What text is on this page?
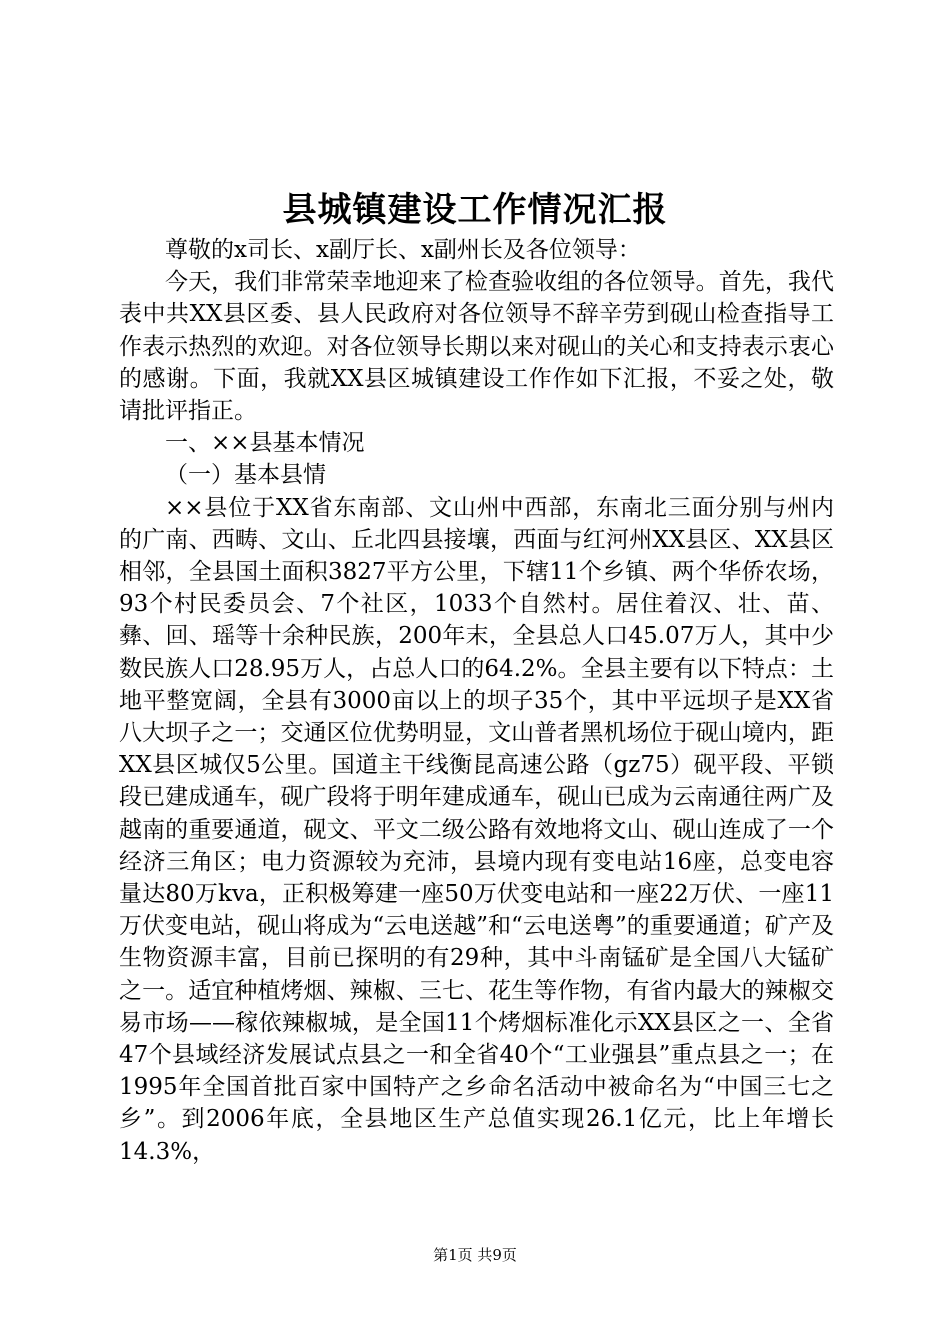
县城镇建设工作情况汇报

尊敬的x司长、x副厅长、x副州长及各位领导：

今天，我们非常荣幸地迎来了检查验收组的各位领导。首先，我代表中共XX县区委、县人民政府对各位领导不辞辛劳到砚山检查指导工作表示热烈的欢迎。对各位领导长期以来对砚山的关心和支持表示衷心的感谢。下面，我就XX县区城镇建设工作作如下汇报，不妥之处，敬请批评指正。

一、××县基本情况

（一）基本县情

××县位于XX省东南部、文山州中西部，东南北三面分别与州内的广南、西畴、文山、丘北四县接壤，西面与红河州XX县区、XX县区相邻，全县国土面积3827平方公里，下辖11个乡镇、两个华侨农场，93个村民委员会、7个社区，1033个自然村。居住着汉、壮、苗、彝、回、瑶等十余种民族，200年末，全县总人口45.07万人，其中少数民族人口28.95万人，占总人口的64.2%。全县主要有以下特点：土地平整宽阔，全县有3000亩以上的坝子35个，其中平远坝子是XX省八大坝子之一；交通区位优势明显，文山普者黑机场位于砚山境内，距XX县区城仅5公里。国道主干线衡昆高速公路（gz75）砚平段、平锁段已建成通车，砚广段将于明年建成通车，砚山已成为云南通往两广及越南的重要通道，砚文、平文二级公路有效地将文山、砚山连成了一个经济三角区；电力资源较为充沛，县境内现有变电站16座，总变电容量达80万kva，正积极筹建一座50万伏变电站和一座22万伏、一座11万伏变电站，砚山将成为“云电送越”和“云电送粤”的重要通道；矿产及生物资源丰富，目前已探明的有29种，其中斗南锰矿是全国八大锰矿之一。适宜种植烤烟、辣椒、三七、花生等作物，有省内最大的辣椒交易市场——稼依辣椒城，是全国11个烤烟标准化示XX县区之一、全省47个县域经济发展试点县之一和全省40个“工业强县”重点县之一；在1995年全国首批百家中国特产之乡命名活动中被命名为“中国三七之乡”。到2006年底，全县地区生产总值实现26.1亿元，比上年增长14.3%，

第1页 共9页
